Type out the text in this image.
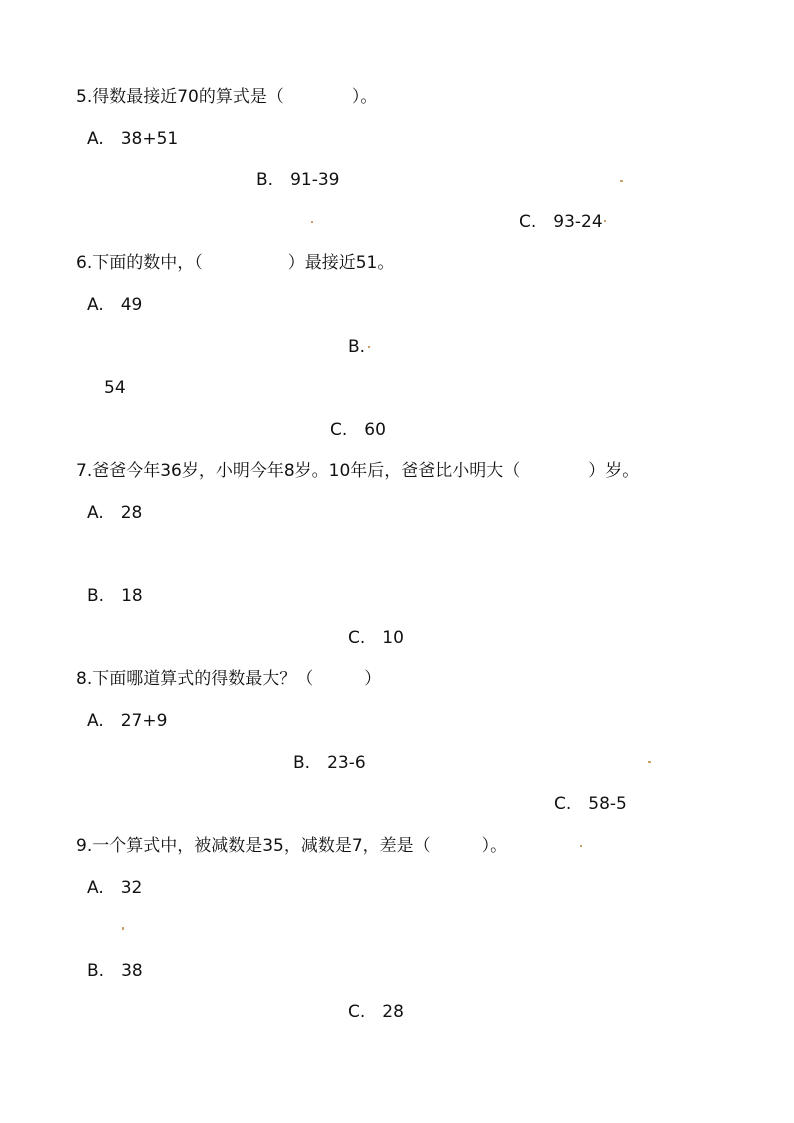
5.得数最接近70的算式是（　　　　）。
A.　38+51
B.　91-39
C.　93-24
6.下面的数中，（　　　　　）最接近51。
A.　49
B.
54
C.　60
7.爸爸今年36岁，小明今年8岁。10年后，爸爸比小明大（　　　　）岁。
A.　28
B.　18
C.　10
8.下面哪道算式的得数最大？（　　　）
A.　27+9
B.　23-6
C.　58-5
9.一个算式中，被减数是35，减数是7，差是（　　　）。
A.　32
B.　38
C.　28
